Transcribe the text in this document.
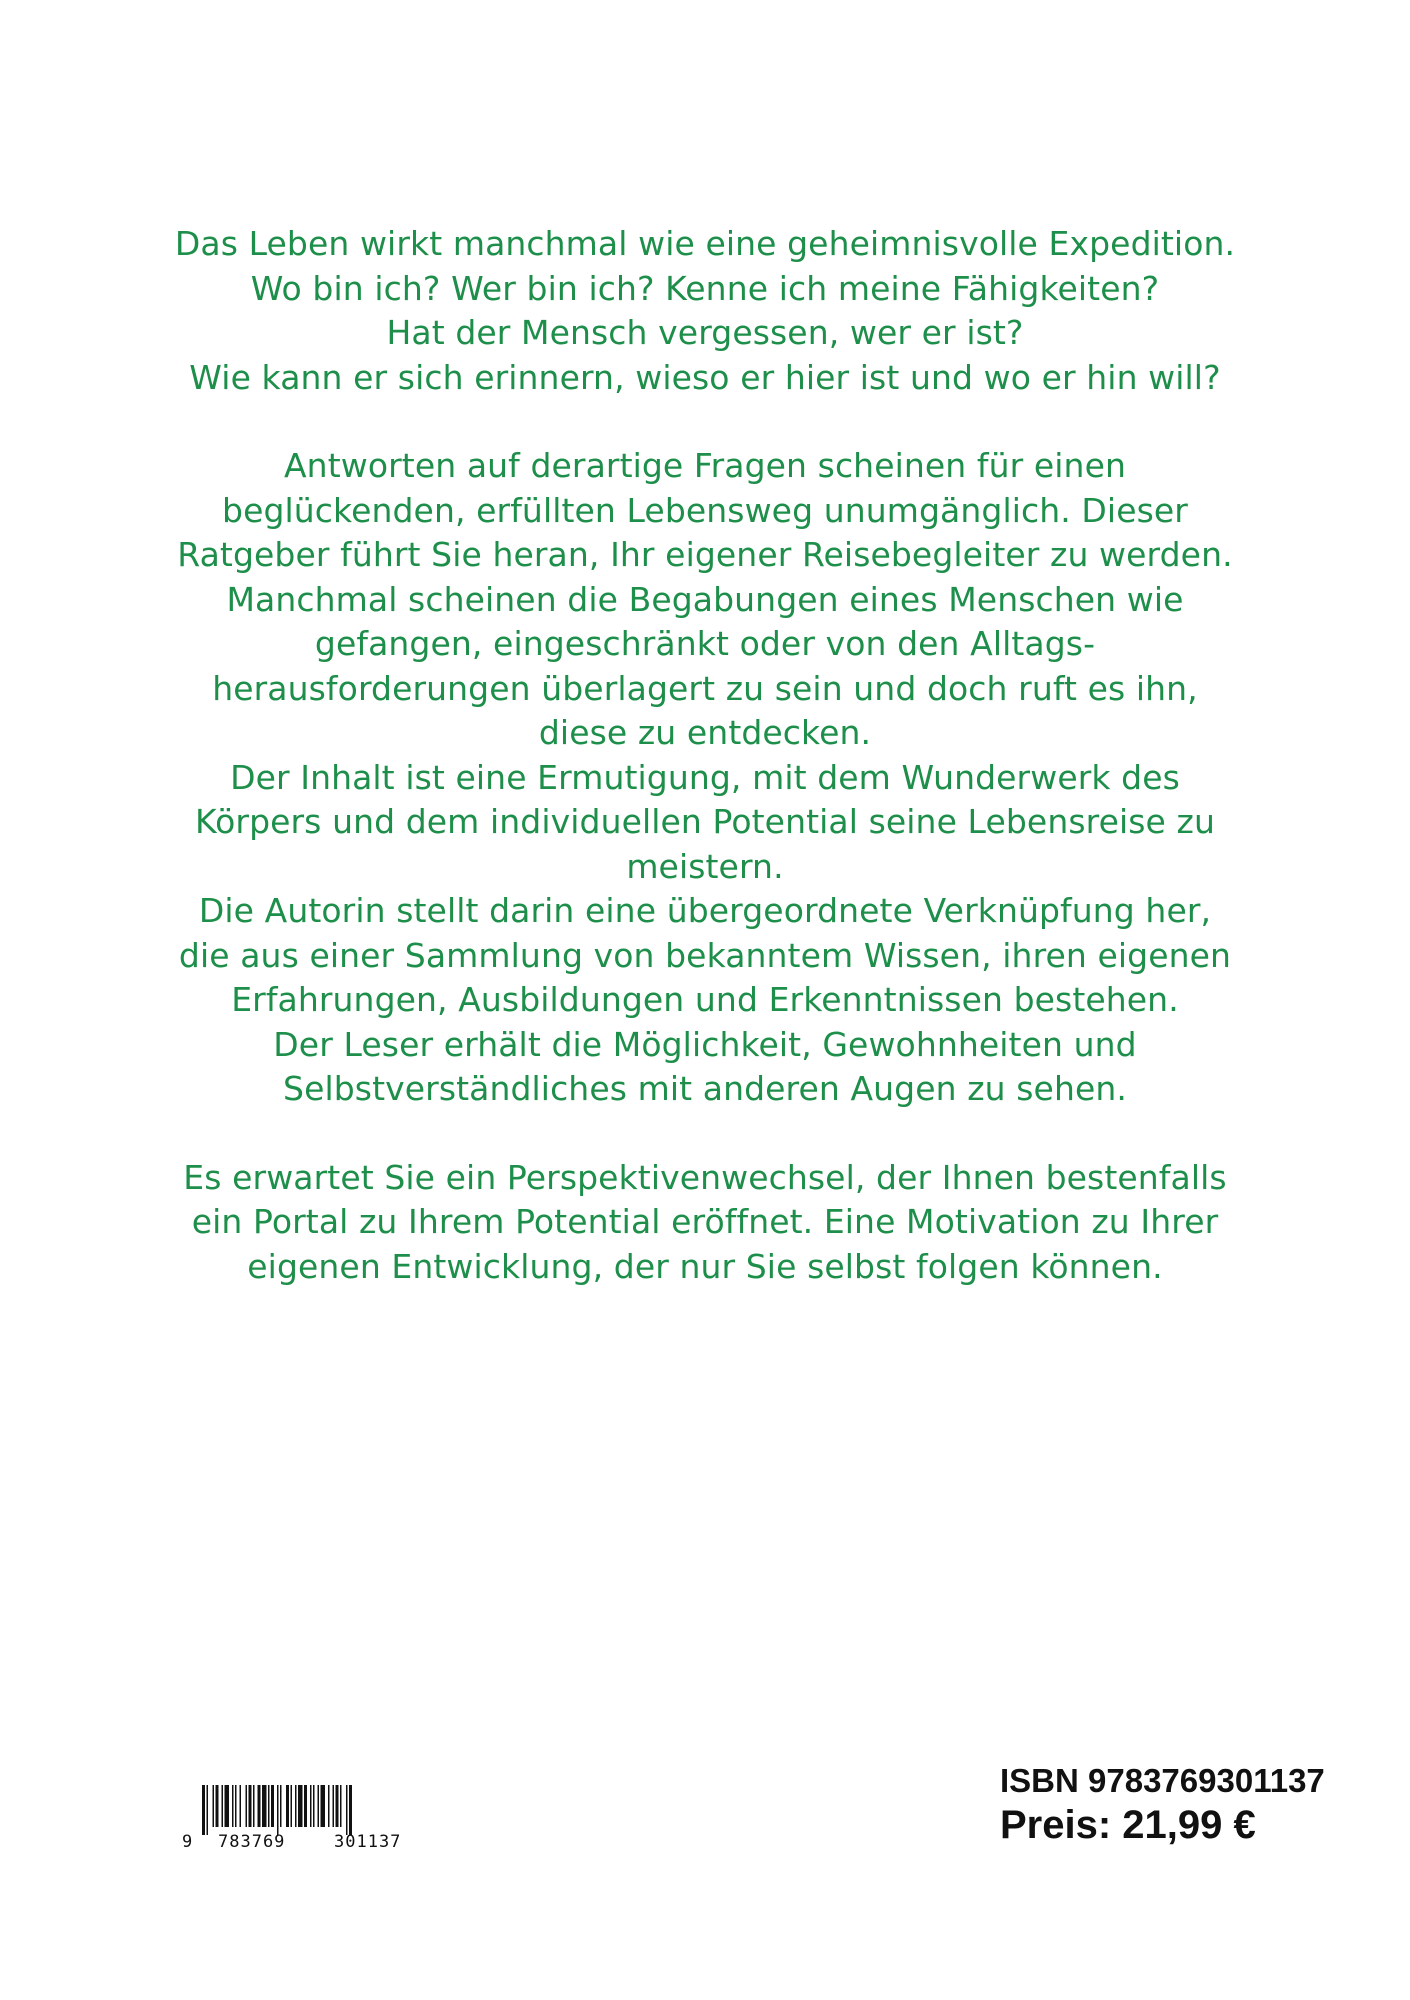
Das Leben wirkt manchmal wie eine geheimnisvolle Expedition.
Wo bin ich? Wer bin ich? Kenne ich meine Fähigkeiten?
Hat der Mensch vergessen, wer er ist?
Wie kann er sich erinnern, wieso er hier ist und wo er hin will?

Antworten auf derartige Fragen scheinen für einen
beglückenden, erfüllten Lebensweg unumgänglich. Dieser
Ratgeber führt Sie heran, Ihr eigener Reisebegleiter zu werden.
Manchmal scheinen die Begabungen eines Menschen wie
gefangen, eingeschränkt oder von den Alltags-
herausforderungen überlagert zu sein und doch ruft es ihn,
diese zu entdecken.
Der Inhalt ist eine Ermutigung, mit dem Wunderwerk des
Körpers und dem individuellen Potential seine Lebensreise zu
meistern.
Die Autorin stellt darin eine übergeordnete Verknüpfung her,
die aus einer Sammlung von bekanntem Wissen, ihren eigenen
Erfahrungen, Ausbildungen und Erkenntnissen bestehen.
Der Leser erhält die Möglichkeit, Gewohnheiten und
Selbstverständliches mit anderen Augen zu sehen.

Es erwartet Sie ein Perspektivenwechsel, der Ihnen bestenfalls
ein Portal zu Ihrem Potential eröffnet. Eine Motivation zu Ihrer
eigenen Entwicklung, der nur Sie selbst folgen können.

9 783769	301137
ISBN 9783769301137
Preis: 21,99 €
